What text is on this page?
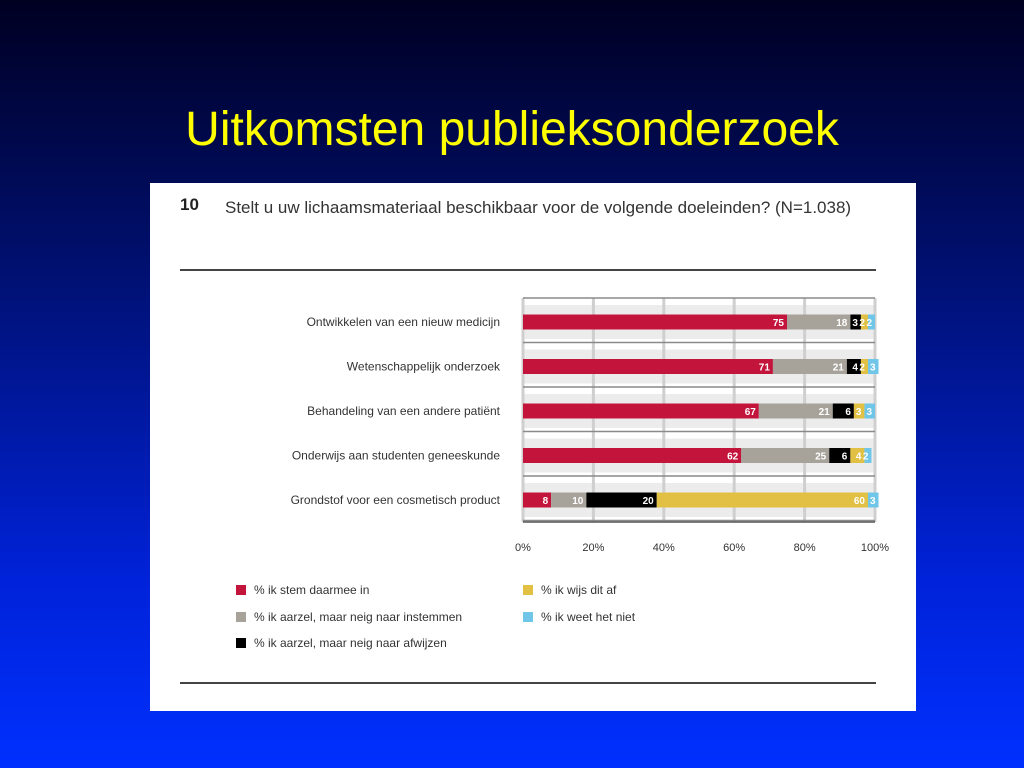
Uitkomsten publieksonderzoek
10 Stelt u uw lichaamsmateriaal beschikbaar voor de volgende doeleinden? (N=1.038)
Ontwikkelen van een nieuw medicijn	75	18 3 2 2
Wetenschappelijk onderzoek	71	21 4 2 3
Behandeling van een andere patiënt	67	21 6 3 3
Onderwijs aan studenten geneeskunde	62	25 6 4 2
Grondstof voor een cosmetisch product	8 10	20	60 3
0%	20%	40%	60%	80%	100%
% ik stem daarmee in
% ik aarzel, maar neig naar instemmen
% ik aarzel, maar neig naar afwijzen
% ik wijs dit af
% ik weet het niet
